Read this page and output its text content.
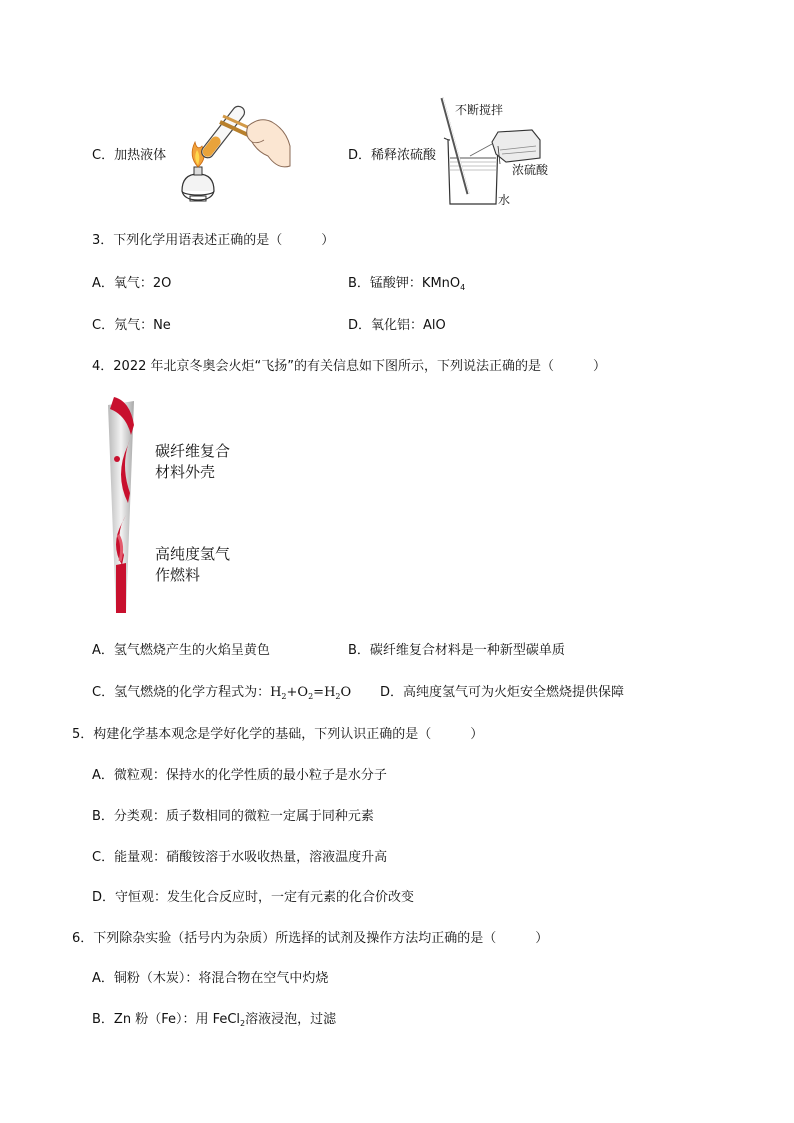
C．加热液体	D．稀释浓硫酸
不断搅拌
浓硫酸
水
3．下列化学用语表述正确的是（　　　）
A．氧气：2O	B．锰酸钾：KMnO$_4$
C．氖气：Ne	D．氧化铝：AlO
4．2022 年北京冬奥会火炬“飞扬”的有关信息如下图所示，下列说法正确的是（　　　）
碳纤维复合
材料外壳
高纯度氢气
作燃料
A．氢气燃烧产生的火焰呈黄色	B．碳纤维复合材料是一种新型碳单质
C．氢气燃烧的化学方程式为：$H_2+O_2=H_2O$ D．高纯度氢气可为火炬安全燃烧提供保障
5．构建化学基本观念是学好化学的基础，下列认识正确的是（　　　）
A．微粒观：保持水的化学性质的最小粒子是水分子
B．分类观：质子数相同的微粒一定属于同种元素
C．能量观：硝酸铵溶于水吸收热量，溶液温度升高
D．守恒观：发生化合反应时，一定有元素的化合价改变
6．下列除杂实验（括号内为杂质）所选择的试剂及操作方法均正确的是（　　　）
A．铜粉（木炭）：将混合物在空气中灼烧
B．Zn 粉（Fe）：用 FeCl$_2$溶液浸泡，过滤
